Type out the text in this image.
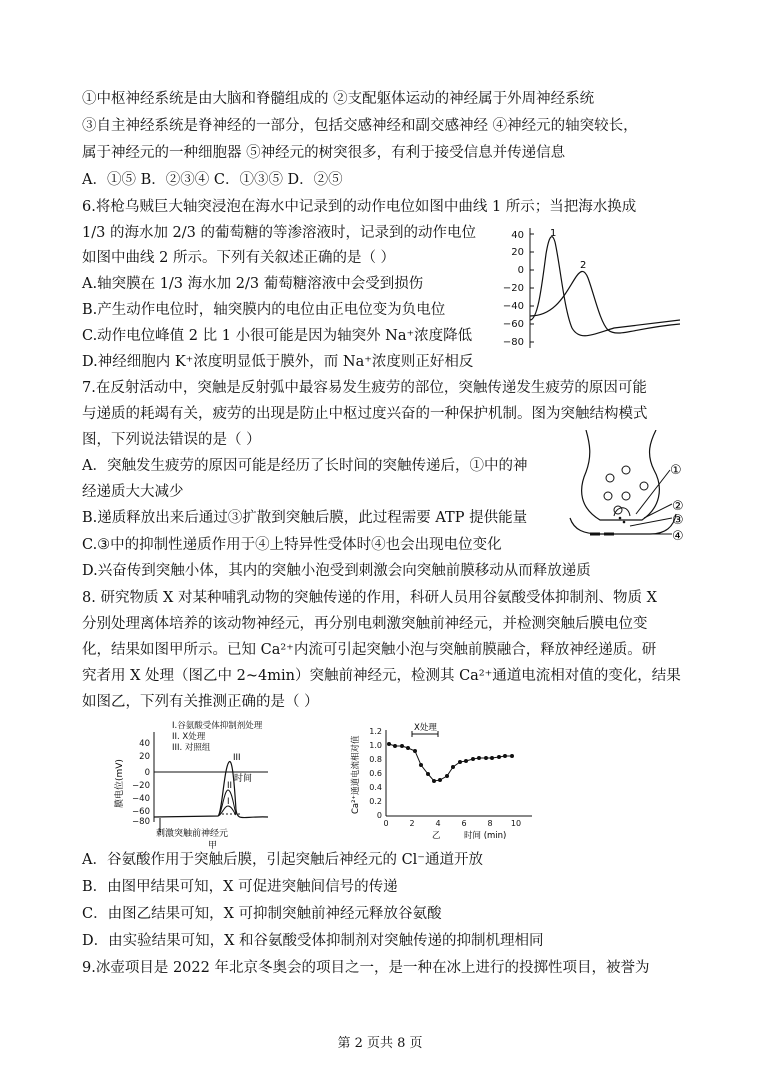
①中枢神经系统是由大脑和脊髓组成的 ②支配躯体运动的神经属于外周神经系统
③自主神经系统是脊神经的一部分，包括交感神经和副交感神经 ④神经元的轴突较长，
属于神经元的一种细胞器 ⑤神经元的树突很多，有利于接受信息并传递信息
A．①⑤ B．②③④ C．①③⑤ D．②⑤
6.将枪乌贼巨大轴突浸泡在海水中记录到的动作电位如图中曲线 1 所示；当把海水换成
1/3 的海水加 2/3 的葡萄糖的等渗溶液时，记录到的动作电位
如图中曲线 2 所示。下列有关叙述正确的是（ ）
A.轴突膜在 1/3 海水加 2/3 葡萄糖溶液中会受到损伤
B.产生动作电位时，轴突膜内的电位由正电位变为负电位
C.动作电位峰值 2 比 1 小很可能是因为轴突外 Na⁺浓度降低
D.神经细胞内 K⁺浓度明显低于膜外，而 Na⁺浓度则正好相反
7.在反射活动中，突触是反射弧中最容易发生疲劳的部位，突触传递发生疲劳的原因可能
与递质的耗竭有关，疲劳的出现是防止中枢过度兴奋的一种保护机制。图为突触结构模式
图，下列说法错误的是（ ）
A．突触发生疲劳的原因可能是经历了长时间的突触传递后，①中的神
经递质大大减少
B.递质释放出来后通过③扩散到突触后膜，此过程需要 ATP 提供能量
C.③中的抑制性递质作用于④上特异性受体时④也会出现电位变化
D.兴奋传到突触小体，其内的突触小泡受到刺激会向突触前膜移动从而释放递质
8. 研究物质 X 对某种哺乳动物的突触传递的作用，科研人员用谷氨酸受体抑制剂、物质 X
分别处理离体培养的该动物神经元，再分别电刺激突触前神经元，并检测突触后膜电位变
化，结果如图甲所示。已知 Ca²⁺内流可引起突触小泡与突触前膜融合，释放神经递质。研
究者用 X 处理（图乙中 2~4min）突触前神经元，检测其 Ca²⁺通道电流相对值的变化，结果
如图乙，下列有关推测正确的是（ ）
A．谷氨酸作用于突触后膜，引起突触后神经元的 Cl⁻通道开放
B．由图甲结果可知，X 可促进突触间信号的传递
C．由图乙结果可知，X 可抑制突触前神经元释放谷氨酸
D．由实验结果可知，X 和谷氨酸受体抑制剂对突触传递的抑制机理相同
9.冰壶项目是 2022 年北京冬奥会的项目之一，是一种在冰上进行的投掷性项目，被誉为
40
20
0
−20
−40
−60
−80
1
2
①
②
③
④
I.谷氨酸受体抑制剂处理
II. X处理
III. 对照组
膜电位(mV)
40
20
0
−20
−40
−60
−80
时间
III
II
I
刺激突触前神经元
甲
Ca²⁺通道电流相对值
1.2
1.0
0.8
0.6
0.4
0.2
0
0	2	4	6	8 10
X处理
乙	时间 (min)
第 2 页共 8 页
